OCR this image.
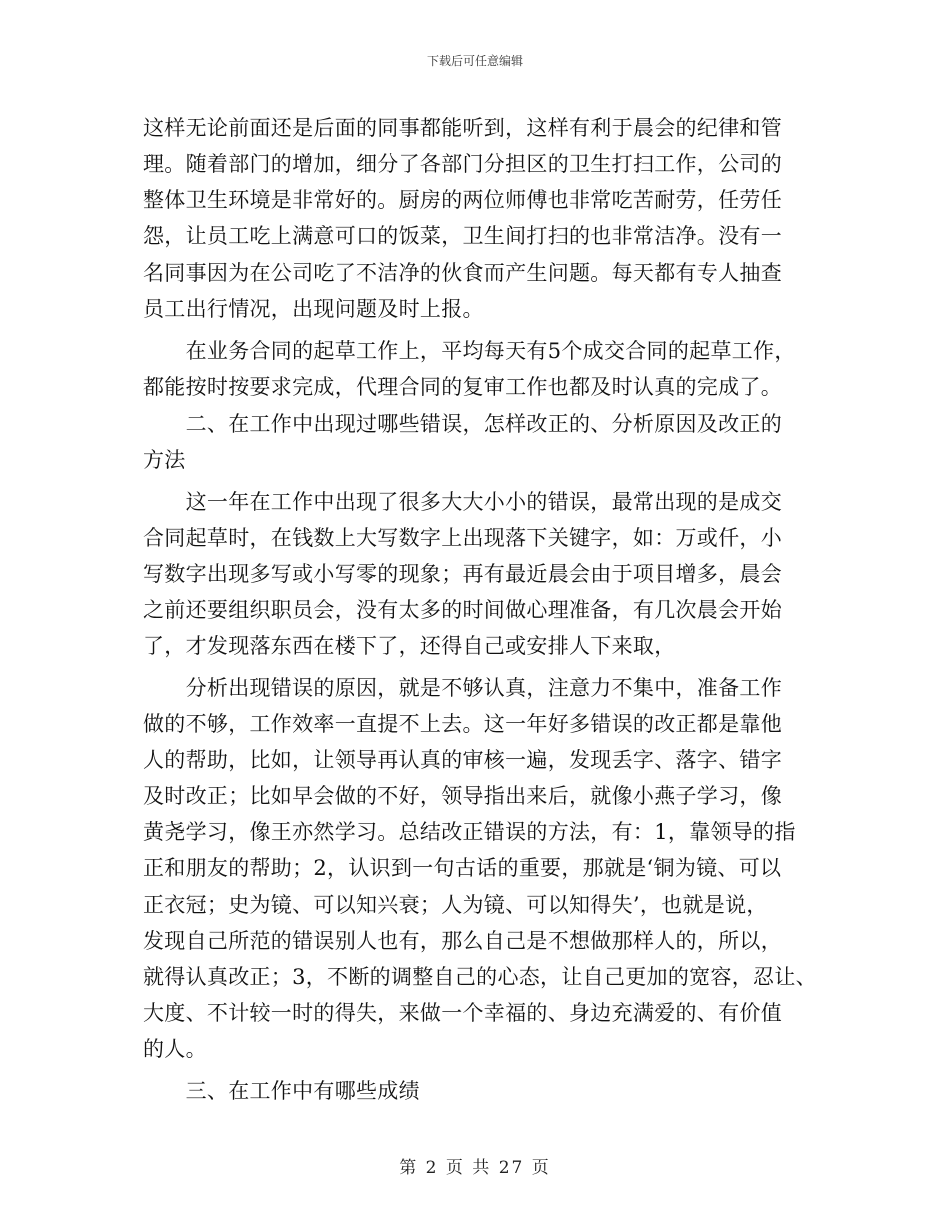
下载后可任意编辑
这样无论前面还是后面的同事都能听到，这样有利于晨会的纪律和管
理。随着部门的增加，细分了各部门分担区的卫生打扫工作，公司的
整体卫生环境是非常好的。厨房的两位师傅也非常吃苦耐劳，任劳任
怨，让员工吃上满意可口的饭菜，卫生间打扫的也非常洁净。没有一
名同事因为在公司吃了不洁净的伙食而产生问题。每天都有专人抽查
员工出行情况，出现问题及时上报。
　　在业务合同的起草工作上，平均每天有5个成交合同的起草工作，
都能按时按要求完成，代理合同的复审工作也都及时认真的完成了。
　　二、在工作中出现过哪些错误，怎样改正的、分析原因及改正的
方法
　　这一年在工作中出现了很多大大小小的错误，最常出现的是成交
合同起草时，在钱数上大写数字上出现落下关键字，如：万或仟，小
写数字出现多写或小写零的现象；再有最近晨会由于项目增多，晨会
之前还要组织职员会，没有太多的时间做心理准备，有几次晨会开始
了，才发现落东西在楼下了，还得自己或安排人下来取，
　　分析出现错误的原因，就是不够认真，注意力不集中，准备工作
做的不够，工作效率一直提不上去。这一年好多错误的改正都是靠他
人的帮助，比如，让领导再认真的审核一遍，发现丢字、落字、错字
及时改正；比如早会做的不好，领导指出来后，就像小燕子学习，像
黄尧学习，像王亦然学习。总结改正错误的方法，有：1，靠领导的指
正和朋友的帮助；2，认识到一句古话的重要，那就是‘铜为镜、可以
正衣冠；史为镜、可以知兴衰；人为镜、可以知得失’，也就是说，
发现自己所范的错误别人也有，那么自己是不想做那样人的，所以，
就得认真改正；3，不断的调整自己的心态，让自己更加的宽容，忍让、
大度、不计较一时的得失，来做一个幸福的、身边充满爱的、有价值
的人。
　　三、在工作中有哪些成绩
第 2 页 共 27 页
